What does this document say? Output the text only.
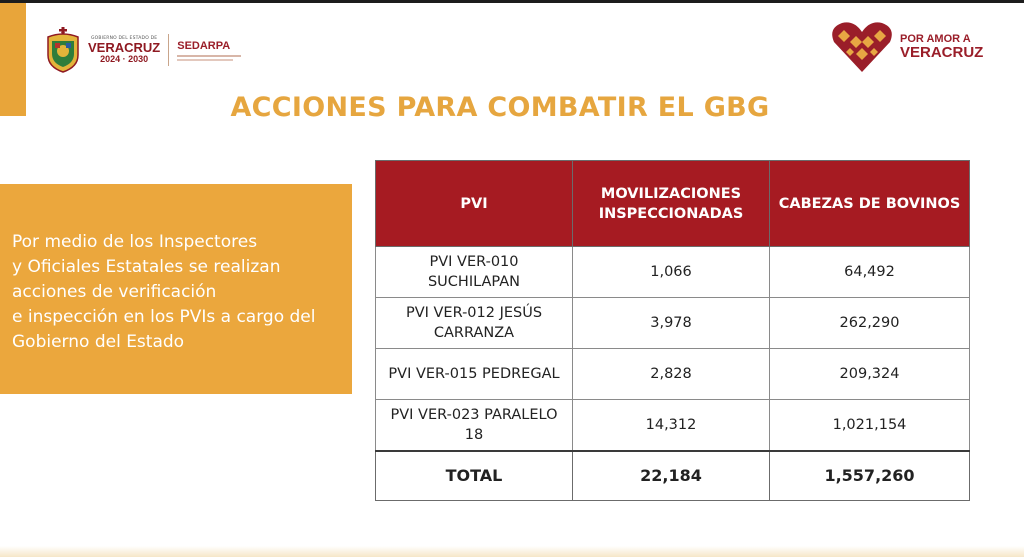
GOBIERNO DEL ESTADO DE
VERACRUZ
2024 · 2030
SEDARPA
POR AMOR A
VERACRUZ
ACCIONES PARA COMBATIR EL GBG
Por medio de los Inspectores
y Oficiales Estatales se realizan
acciones de verificación
e inspección en los PVIs a cargo del
Gobierno del Estado
PVI	MOVILIZACIONES INSPECCIONADAS	CABEZAS DE BOVINOS
PVI VER-010 SUCHILAPAN	1,066	64,492
PVI VER-012 JESÚS CARRANZA	3,978	262,290
PVI VER-015 PEDREGAL	2,828	209,324
PVI VER-023 PARALELO 18	14,312	1,021,154
TOTAL	22,184	1,557,260
